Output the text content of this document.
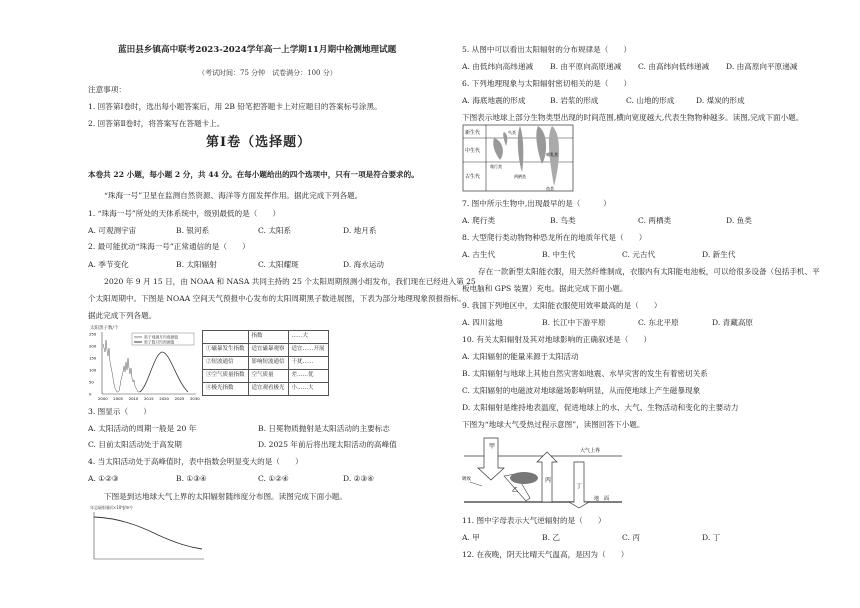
蓝田县乡镇高中联考2023-2024学年高一上学期11月期中检测地理试题
（考试时间：75 分钟　试卷满分：100 分）
注意事项：
1. 回答第Ⅰ卷时，选出每小题答案后，用 2B 铅笔把答题卡上对应题目的答案标号涂黑。
2. 回答第Ⅱ卷时，将答案写在答题卡上。
第Ⅰ卷（选择题）
本卷共 22 小题，每小题 2 分，共 44 分。在每小题给出的四个选项中，只有一项是符合要求的。
“珠海一号”卫星在监测自然资源、海洋等方面发挥作用。据此完成下列各题。
1. “珠海一号”所处的天体系统中，级别最低的是（　　）
A. 可观测宇宙	B. 银河系	C. 太阳系	D. 地月系
2. 最可能扰动“珠海一号”正常通信的是（　　）
A. 季节变化	B. 太阳辐射	C. 太阳耀斑	D. 海水运动
2020 年 9 月 15 日，由 NOAA 和 NASA 共同主持的 25 个太阳周期预测小组发布，我们现在已经进入第 25
个太阳周期中。下图是 NOAA 空间天气预报中心发布的太阳周期黑子数进展图，下表为部分地理现象预报指标。
据此完成下列各题。
太阳黑子数/个
250
200
150
100
50
0
2000 2005 2010 2015 2020 2025 2030
黑子观测月均观测值
黑子数月均预测值
	指数	……大
①磁暴发生指数	适宜磁暴观察	适宜……开展
②短波通信	影响短波通信	干扰……
③空气质量指数	空气质量	差……优
④极光指数	适宜观看极光	小……大
3. 图显示（　　）
A. 太阳活动的周期一般是 20 年	B. 日冕物质抛射是太阳活动的主要标志
C. 目前太阳活动处于高发期	D. 2025 年前后将出现太阳活动的高峰值
4. 当太阳活动处于高峰值时，表中指数会明显变大的是（　　）
A. ①②③	B. ①③④	C. ①②④	D. ②③④
下图是到达地球大气上界的太阳辐射随纬度分布图。读图完成下面小题。
年总辐射量/(×10⁸J/m²)
5. 从图中可以看出太阳辐射的分布规律是（　　）
A. 由低纬向高纬递减 B. 由平原向高原递减 C. 由高纬向低纬递减 D. 由高原向平原递减
6. 下列地理现象与太阳辐射密切相关的是（　　）
A. 海底地震的形成	B. 岩浆的形成	C. 山地的形成	D. 煤炭的形成
下图表示地球上部分生物类型出现的时间范围,横向宽度越大,代表生物物种越多。读图,完成下面小题。
新生代
中生代
古生代
鸟类
爬行类
哺乳类
两栖类
鱼类
7. 图中所示生物中,出现最早的是（　　　）
A. 爬行类	B. 鸟类	C. 两栖类	D. 鱼类
8. 大型爬行类动物物种恐龙所在的地质年代是（　　）
A. 古生代	B. 中生代	C. 元古代	D. 新生代
存在一款新型太阳能衣服，用天然纤维制成，衣服内有太阳能电池板，可以给很多设备（包括手机、平
板电脑和 GPS 装置）充电。据此完成下面小题。
9. 我国下列地区中，太阳能衣服使用效率最高的是（　　）
A. 四川盆地	B. 长江中下游平原	C. 东北平原	D. 青藏高原
10. 有关太阳辐射及其对地球影响的正确叙述是（　　）
A. 太阳辐射的能量来源于太阳活动
B. 太阳辐射与地球上其他自然灾害如地震、水旱灾害的发生有着密切关系
C. 太阳辐射的电磁波对地球磁场影响明显，从而使地球上产生磁暴现象
D. 太阳辐射是维持地表温度，促进地球上的水、大气、生物活动和变化的主要动力
下图为“地球大气受热过程示意图”，读图回答下小题。
甲
大气上界
乙
丙
丁
吸收
地　面
11. 图中字母表示大气逆辐射的是（　　）
A. 甲	B. 乙	C. 丙	D. 丁
12. 在夜晚，阴天比晴天气温高，是因为（　　）
